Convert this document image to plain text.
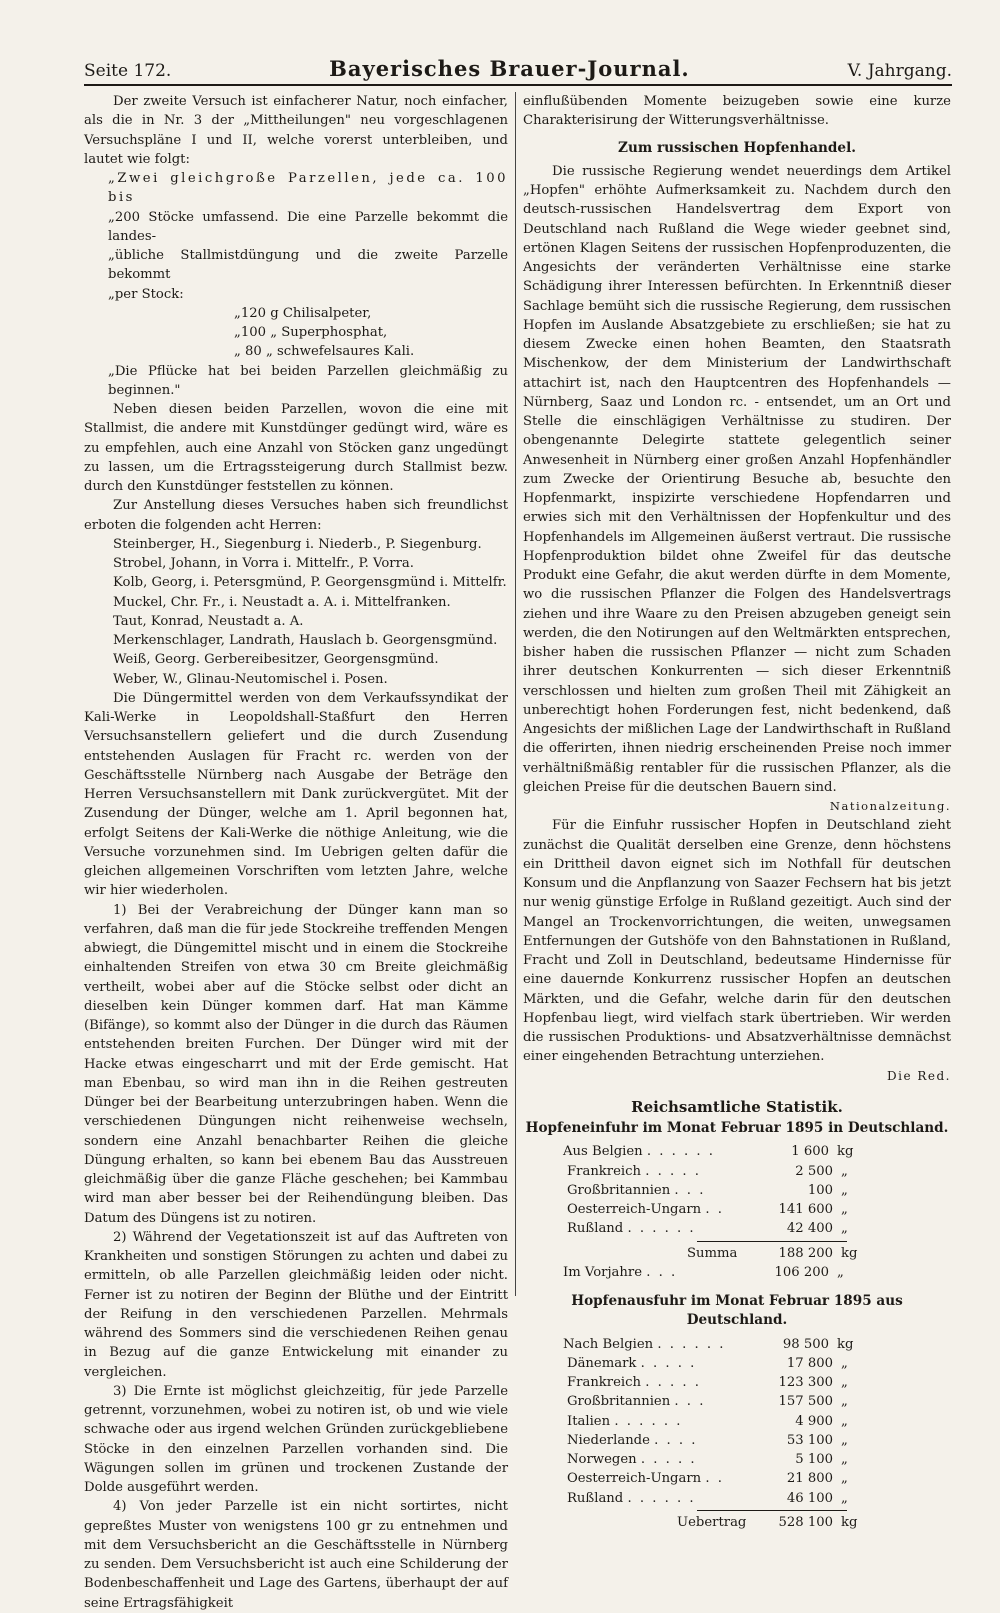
Seite 172.	Bayerisches Brauer-Journal.	V. Jahrgang.

Der zweite Versuch ist einfacherer Natur, noch einfacher, als die in Nr. 3 der „Mittheilungen" neu vorgeschlagenen Versuchspläne I und II, welche vorerst unterbleiben, und lautet wie folgt:

„Zwei gleichgroße Parzellen, jede ca. 100 bis
„200 Stöcke umfassend. Die eine Parzelle bekommt die landes-
„übliche Stallmistdüngung und die zweite Parzelle bekommt
„per Stock:
„120 g Chilisalpeter,
„100 „ Superphosphat,
„ 80 „ schwefelsaures Kali.
„Die Pflücke hat bei beiden Parzellen gleichmäßig zu beginnen."

Neben diesen beiden Parzellen, wovon die eine mit Stallmist, die andere mit Kunstdünger gedüngt wird, wäre es zu empfehlen, auch eine Anzahl von Stöcken ganz ungedüngt zu lassen, um die Ertragssteigerung durch Stallmist bezw. durch den Kunstdünger feststellen zu können.

Zur Anstellung dieses Versuches haben sich freundlichst erboten die folgenden acht Herren:

Steinberger, H., Siegenburg i. Niederb., P. Siegenburg.
Strobel, Johann, in Vorra i. Mittelfr., P. Vorra.
Kolb, Georg, i. Petersgmünd, P. Georgensgmünd i. Mittelfr.
Muckel, Chr. Fr., i. Neustadt a. A. i. Mittelfranken.
Taut, Konrad, Neustadt a. A.
Merkenschlager, Landrath, Hauslach b. Georgensgmünd.
Weiß, Georg. Gerbereibesitzer, Georgensgmünd.
Weber, W., Glinau-Neutomischel i. Posen.

Die Düngermittel werden von dem Verkaufssyndikat der Kali-Werke in Leopoldshall-Staßfurt den Herren Versuchsanstellern geliefert und die durch Zusendung entstehenden Auslagen für Fracht rc. werden von der Geschäftsstelle Nürnberg nach Ausgabe der Beträge den Herren Versuchsanstellern mit Dank zurückvergütet. Mit der Zusendung der Dünger, welche am 1. April begonnen hat, erfolgt Seitens der Kali-Werke die nöthige Anleitung, wie die Versuche vorzunehmen sind. Im Uebrigen gelten dafür die gleichen allgemeinen Vorschriften vom letzten Jahre, welche wir hier wiederholen.

1) Bei der Verabreichung der Dünger kann man so verfahren, daß man die für jede Stockreihe treffenden Mengen abwiegt, die Düngemittel mischt und in einem die Stockreihe einhaltenden Streifen von etwa 30 cm Breite gleichmäßig vertheilt, wobei aber auf die Stöcke selbst oder dicht an dieselben kein Dünger kommen darf. Hat man Kämme (Bifänge), so kommt also der Dünger in die durch das Räumen entstehenden breiten Furchen. Der Dünger wird mit der Hacke etwas eingescharrt und mit der Erde gemischt. Hat man Ebenbau, so wird man ihn in die Reihen gestreuten Dünger bei der Bearbeitung unterzubringen haben. Wenn die verschiedenen Düngungen nicht reihenweise wechseln, sondern eine Anzahl benachbarter Reihen die gleiche Düngung erhalten, so kann bei ebenem Bau das Ausstreuen gleichmäßig über die ganze Fläche geschehen; bei Kammbau wird man aber besser bei der Reihendüngung bleiben. Das Datum des Düngens ist zu notiren.

2) Während der Vegetationszeit ist auf das Auftreten von Krankheiten und sonstigen Störungen zu achten und dabei zu ermitteln, ob alle Parzellen gleichmäßig leiden oder nicht. Ferner ist zu notiren der Beginn der Blüthe und der Eintritt der Reifung in den verschiedenen Parzellen. Mehrmals während des Sommers sind die verschiedenen Reihen genau in Bezug auf die ganze Entwickelung mit einander zu vergleichen.

3) Die Ernte ist möglichst gleichzeitig, für jede Parzelle getrennt, vorzunehmen, wobei zu notiren ist, ob und wie viele schwache oder aus irgend welchen Gründen zurückgebliebene Stöcke in den einzelnen Parzellen vorhanden sind. Die Wägungen sollen im grünen und trockenen Zustande der Dolde ausgeführt werden.

4) Von jeder Parzelle ist ein nicht sortirtes, nicht gepreßtes Muster von wenigstens 100 gr zu entnehmen und mit dem Versuchsbericht an die Geschäftsstelle in Nürnberg zu senden. Dem Versuchsbericht ist auch eine Schilderung der Bodenbeschaffenheit und Lage des Gartens, überhaupt der auf seine Ertragsfähigkeit

einflußübenden Momente beizugeben sowie eine kurze Charakterisirung der Witterungsverhältnisse.

Zum russischen Hopfenhandel.

Die russische Regierung wendet neuerdings dem Artikel „Hopfen" erhöhte Aufmerksamkeit zu. Nachdem durch den deutsch-russischen Handelsvertrag dem Export von Deutschland nach Rußland die Wege wieder geebnet sind, ertönen Klagen Seitens der russischen Hopfenproduzenten, die Angesichts der veränderten Verhältnisse eine starke Schädigung ihrer Interessen befürchten. In Erkenntniß dieser Sachlage bemüht sich die russische Regierung, dem russischen Hopfen im Auslande Absatzgebiete zu erschließen; sie hat zu diesem Zwecke einen hohen Beamten, den Staatsrath Mischenkow, der dem Ministerium der Landwirthschaft attachirt ist, nach den Hauptcentren des Hopfenhandels — Nürnberg, Saaz und London rc. - entsendet, um an Ort und Stelle die einschlägigen Verhältnisse zu studiren. Der obengenannte Delegirte stattete gelegentlich seiner Anwesenheit in Nürnberg einer großen Anzahl Hopfenhändler zum Zwecke der Orientirung Besuche ab, besuchte den Hopfenmarkt, inspizirte verschiedene Hopfendarren und erwies sich mit den Verhältnissen der Hopfenkultur und des Hopfenhandels im Allgemeinen äußerst vertraut. Die russische Hopfenproduktion bildet ohne Zweifel für das deutsche Produkt eine Gefahr, die akut werden dürfte in dem Momente, wo die russischen Pflanzer die Folgen des Handelsvertrags ziehen und ihre Waare zu den Preisen abzugeben geneigt sein werden, die den Notirungen auf den Weltmärkten entsprechen, bisher haben die russischen Pflanzer — nicht zum Schaden ihrer deutschen Konkurrenten — sich dieser Erkenntniß verschlossen und hielten zum großen Theil mit Zähigkeit an unberechtigt hohen Forderungen fest, nicht bedenkend, daß Angesichts der mißlichen Lage der Landwirthschaft in Rußland die offerirten, ihnen niedrig erscheinenden Preise noch immer verhältnißmäßig rentabler für die russischen Pflanzer, als die gleichen Preise für die deutschen Bauern sind.

Nationalzeitung.

Für die Einfuhr russischer Hopfen in Deutschland zieht zunächst die Qualität derselben eine Grenze, denn höchstens ein Drittheil davon eignet sich im Nothfall für deutschen Konsum und die Anpflanzung von Saazer Fechsern hat bis jetzt nur wenig günstige Erfolge in Rußland gezeitigt. Auch sind der Mangel an Trockenvorrichtungen, die weiten, unwegsamen Entfernungen der Gutshöfe von den Bahnstationen in Rußland, Fracht und Zoll in Deutschland, bedeutsame Hindernisse für eine dauernde Konkurrenz russischer Hopfen an deutschen Märkten, und die Gefahr, welche darin für den deutschen Hopfenbau liegt, wird vielfach stark übertrieben. Wir werden die russischen Produktions- und Absatzverhältnisse demnächst einer eingehenden Betrachtung unterziehen.

Die Red.
Reichsamtliche Statistik.
Hopfeneinfuhr im Monat Februar 1895 in Deutschland.
Aus Belgien . . . . . .	1 600 kg
Frankreich . . . . .	2 500 „
Großbritannien . . .	100 „
Oesterreich-Ungarn . .	141 600 „
Rußland . . . . . .	42 400 „
Summa	188 200 kg
Im Vorjahre . . .	106 200 „
Hopfenausfuhr im Monat Februar 1895 aus Deutschland.
Nach Belgien . . . . . .	98 500 kg
Dänemark . . . . .	17 800 „
Frankreich . . . . .	123 300 „
Großbritannien . . .	157 500 „
Italien . . . . . .	4 900 „
Niederlande . . . .	53 100 „
Norwegen . . . . .	5 100 „
Oesterreich-Ungarn . .	21 800 „
Rußland . . . . . .	46 100 „
Uebertrag	528 100 kg
